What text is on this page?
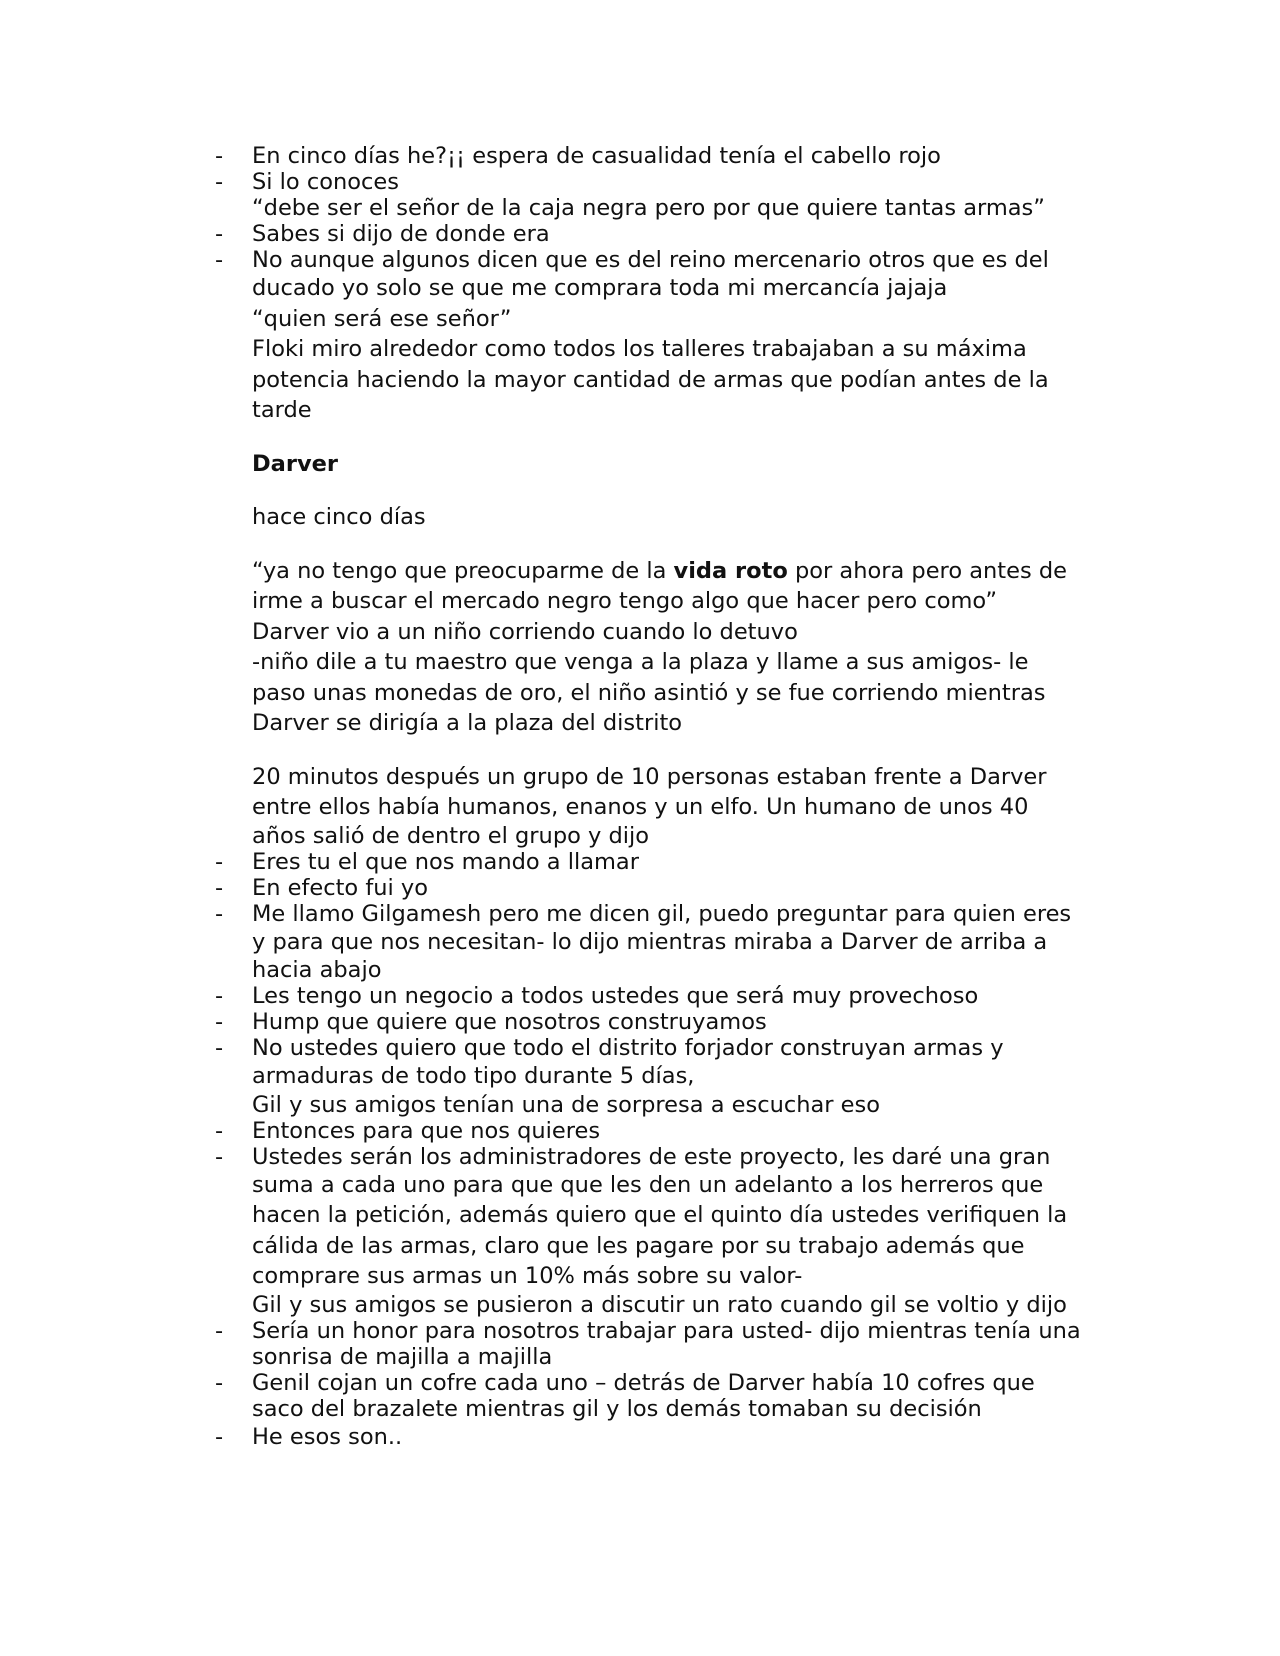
- En cinco días he?¡¡ espera de casualidad tenía el cabello rojo
- Si lo conoces
“debe ser el señor de la caja negra pero por que quiere tantas armas”
- Sabes si dijo de donde era
- No aunque algunos dicen que es del reino mercenario otros que es del
ducado yo solo se que me comprara toda mi mercancía jajaja
“quien será ese señor”
Floki miro alrededor como todos los talleres trabajaban a su máxima
potencia haciendo la mayor cantidad de armas que podían antes de la
tarde
Darver
hace cinco días
“ya no tengo que preocuparme de la vida roto por ahora pero antes de
irme a buscar el mercado negro tengo algo que hacer pero como”
Darver vio a un niño corriendo cuando lo detuvo
-niño dile a tu maestro que venga a la plaza y llame a sus amigos- le
paso unas monedas de oro, el niño asintió y se fue corriendo mientras
Darver se dirigía a la plaza del distrito
20 minutos después un grupo de 10 personas estaban frente a Darver
entre ellos había humanos, enanos y un elfo. Un humano de unos 40
años salió de dentro el grupo y dijo
- Eres tu el que nos mando a llamar
- En efecto fui yo
- Me llamo Gilgamesh pero me dicen gil, puedo preguntar para quien eres
y para que nos necesitan- lo dijo mientras miraba a Darver de arriba a
hacia abajo
- Les tengo un negocio a todos ustedes que será muy provechoso
- Hump que quiere que nosotros construyamos
- No ustedes quiero que todo el distrito forjador construyan armas y
armaduras de todo tipo durante 5 días,
Gil y sus amigos tenían una de sorpresa a escuchar eso
- Entonces para que nos quieres
- Ustedes serán los administradores de este proyecto, les daré una gran
suma a cada uno para que que les den un adelanto a los herreros que
hacen la petición, además quiero que el quinto día ustedes verifiquen la
cálida de las armas, claro que les pagare por su trabajo además que
comprare sus armas un 10% más sobre su valor-
Gil y sus amigos se pusieron a discutir un rato cuando gil se voltio y dijo
- Sería un honor para nosotros trabajar para usted- dijo mientras tenía una
sonrisa de majilla a majilla
- Genil cojan un cofre cada uno – detrás de Darver había 10 cofres que
saco del brazalete mientras gil y los demás tomaban su decisión
- He esos son..
